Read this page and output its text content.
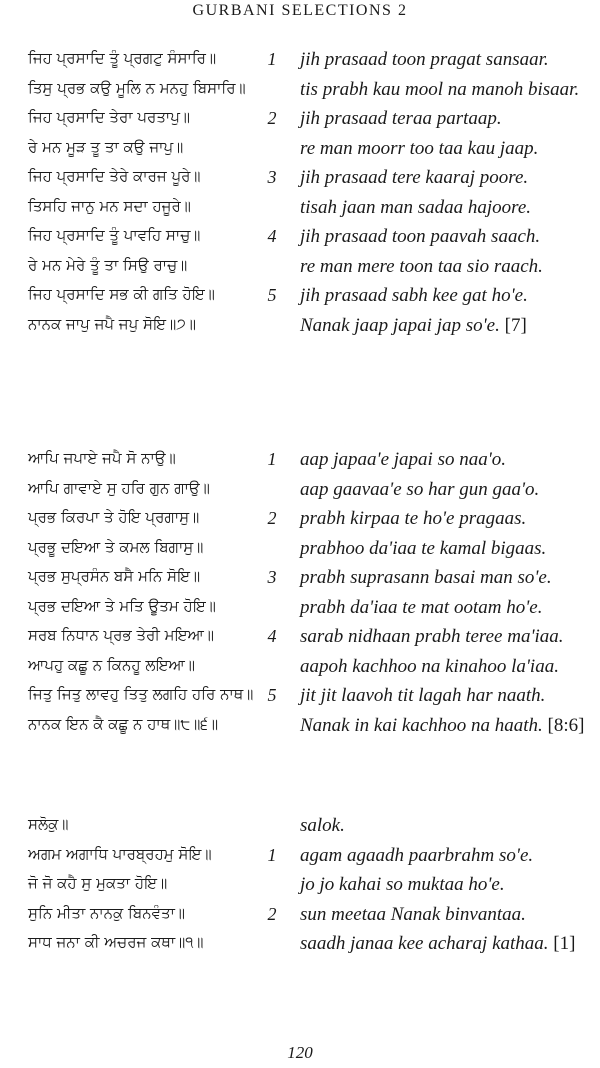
GURBANI SELECTIONS 2
ਜਿਹ ਪ੍ਰਸਾਦਿ ਤੂੰ ਪ੍ਰਗਟੁ ਸੰਸਾਰਿ॥	1 jih prasaad toon pragat sansaar.
ਤਿਸੁ ਪ੍ਰਭ ਕਉ ਮੂਲਿ ਨ ਮਨਹੁ ਬਿਸਾਰਿ॥	tis prabh kau mool na manoh bisaar.
ਜਿਹ ਪ੍ਰਸਾਦਿ ਤੇਰਾ ਪਰਤਾਪੁ॥	2 jih prasaad teraa partaap.
ਰੇ ਮਨ ਮੂੜ ਤੂ ਤਾ ਕਉ ਜਾਪੁ॥	re man moorr too taa kau jaap.
ਜਿਹ ਪ੍ਰਸਾਦਿ ਤੇਰੇ ਕਾਰਜ ਪੂਰੇ॥	3 jih prasaad tere kaaraj poore.
ਤਿਸਹਿ ਜਾਨੁ ਮਨ ਸਦਾ ਹਜੂਰੇ॥	tisah jaan man sadaa hajoore.
ਜਿਹ ਪ੍ਰਸਾਦਿ ਤੂੰ ਪਾਵਹਿ ਸਾਚੁ॥	4 jih prasaad toon paavah saach.
ਰੇ ਮਨ ਮੇਰੇ ਤੂੰ ਤਾ ਸਿਉ ਰਾਚੁ॥	re man mere toon taa sio raach.
ਜਿਹ ਪ੍ਰਸਾਦਿ ਸਭ ਕੀ ਗਤਿ ਹੋਇ॥	5 jih prasaad sabh kee gat ho'e.
ਨਾਨਕ ਜਾਪੁ ਜਪੈ ਜਪੁ ਸੋਇ॥੭॥	Nanak jaap japai jap so'e. [7]
ਆਪਿ ਜਪਾਏ ਜਪੈ ਸੋ ਨਾਉ॥	1 aap japaa'e japai so naa'o.
ਆਪਿ ਗਾਵਾਏ ਸੁ ਹਰਿ ਗੁਨ ਗਾਉ॥	aap gaavaa'e so har gun gaa'o.
ਪ੍ਰਭ ਕਿਰਪਾ ਤੇ ਹੋਇ ਪ੍ਰਗਾਸੁ॥	2 prabh kirpaa te ho'e pragaas.
ਪ੍ਰਭੂ ਦਇਆ ਤੇ ਕਮਲ ਬਿਗਾਸੁ॥	prabhoo da'iaa te kamal bigaas.
ਪ੍ਰਭ ਸੁਪ੍ਰਸੰਨ ਬਸੈ ਮਨਿ ਸੋਇ॥	3 prabh suprasann basai man so'e.
ਪ੍ਰਭ ਦਇਆ ਤੇ ਮਤਿ ਊਤਮ ਹੋਇ॥	prabh da'iaa te mat ootam ho'e.
ਸਰਬ ਨਿਧਾਨ ਪ੍ਰਭ ਤੇਰੀ ਮਇਆ॥	4 sarab nidhaan prabh teree ma'iaa.
ਆਪਹੁ ਕਛੂ ਨ ਕਿਨਹੂ ਲਇਆ॥	aapoh kachhoo na kinahoo la'iaa.
ਜਿਤੁ ਜਿਤੁ ਲਾਵਹੁ ਤਿਤੁ ਲਗਹਿ ਹਰਿ ਨਾਥ॥ 5 jit jit laavoh tit lagah har naath.
ਨਾਨਕ ਇਨ ਕੈ ਕਛੂ ਨ ਹਾਥ॥੮॥੬॥	Nanak in kai kachhoo na haath. [8:6]
ਸਲੋਕੁ॥	salok.
ਅਗਮ ਅਗਾਧਿ ਪਾਰਬ੍ਰਹਮੁ ਸੋਇ॥	1 agam agaadh paarbrahm so'e.
ਜੋ ਜੋ ਕਹੈ ਸੁ ਮੁਕਤਾ ਹੋਇ॥	jo jo kahai so muktaa ho'e.
ਸੁਨਿ ਮੀਤਾ ਨਾਨਕੁ ਬਿਨਵੰਤਾ॥	2 sun meetaa Nanak binvantaa.
ਸਾਧ ਜਨਾ ਕੀ ਅਚਰਜ ਕਥਾ॥੧॥	saadh janaa kee acharaj kathaa. [1]
120
